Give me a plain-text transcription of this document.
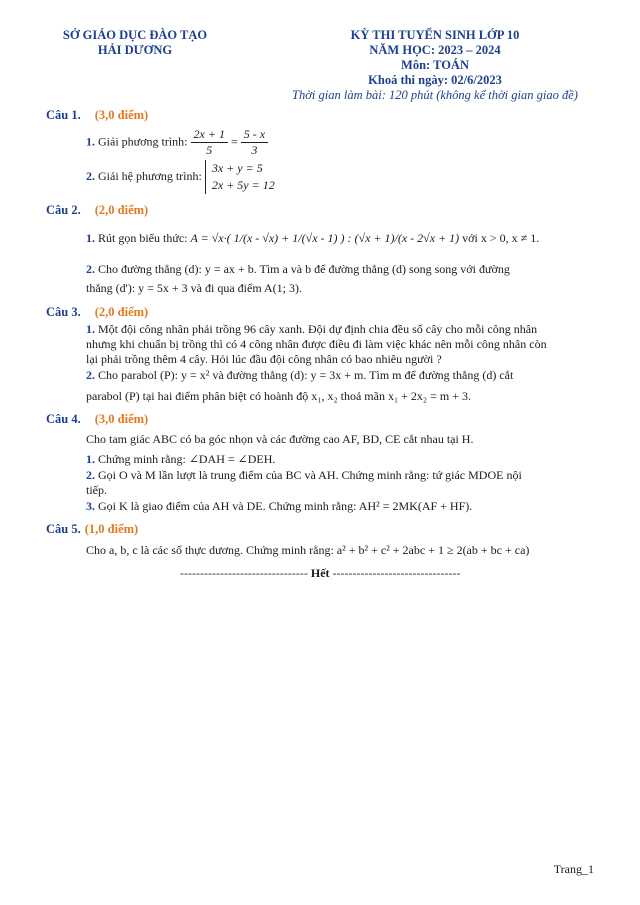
SỞ GIÁO DỤC ĐÀO TẠO
HẢI DƯƠNG
KỲ THI TUYỂN SINH LỚP 10
NĂM HỌC: 2023 – 2024
Môn: TOÁN
Khoá thi ngày: 02/6/2023
Thời gian làm bài: 120 phút (không kể thời gian giao đề)
Câu 1. (3,0 điểm)
1. Giải phương trình: $\frac{2x + 1}{5} = \frac{5 - x}{3}$
2. Giải hệ phương trình:
3x + y = 5
2x + 5y = 12
Câu 2. (2,0 điểm)
1. Rút gọn biểu thức: A = √x·( 1/(x - √x) + 1/(√x - 1) ) : (√x + 1)/(x - 2√x + 1) với x > 0, x ≠ 1.
2. Cho đường thẳng (d): y = ax + b. Tìm a và b để đường thẳng (d) song song với đường
thẳng (d'): y = 5x + 3 và đi qua điểm A(1; 3).
Câu 3. (2,0 điểm)
1. Một đội công nhân phải trồng 96 cây xanh. Đội dự định chia đều số cây cho mỗi công nhân
nhưng khi chuẩn bị trồng thì có 4 công nhân được điều đi làm việc khác nên mỗi công nhân còn
lại phải trồng thêm 4 cây. Hỏi lúc đầu đội công nhân có bao nhiêu người ?
2. Cho parabol (P): y = x² và đường thẳng (d): y = 3x + m. Tìm m để đường thẳng (d) cắt
parabol (P) tại hai điểm phân biệt có hoành độ x₁, x₂ thoả mãn x₁ + 2x₂ = m + 3.
Câu 4. (3,0 điểm)
Cho tam giác ABC có ba góc nhọn và các đường cao AF, BD, CE cắt nhau tại H.
1. Chứng minh rằng: ∠DAH = ∠DEH.
2. Gọi O và M lần lượt là trung điểm của BC và AH. Chứng minh rằng: tứ giác MDOE nội
tiếp.
3. Gọi K là giao điểm của AH và DE. Chứng minh rằng: AH² = 2MK(AF + HF).
Câu 5. (1,0 điểm)
Cho a, b, c là các số thực dương. Chứng minh rằng: a² + b² + c² + 2abc + 1 ≥ 2(ab + bc + ca)
-------------------------------- Hết --------------------------------
Trang_1
